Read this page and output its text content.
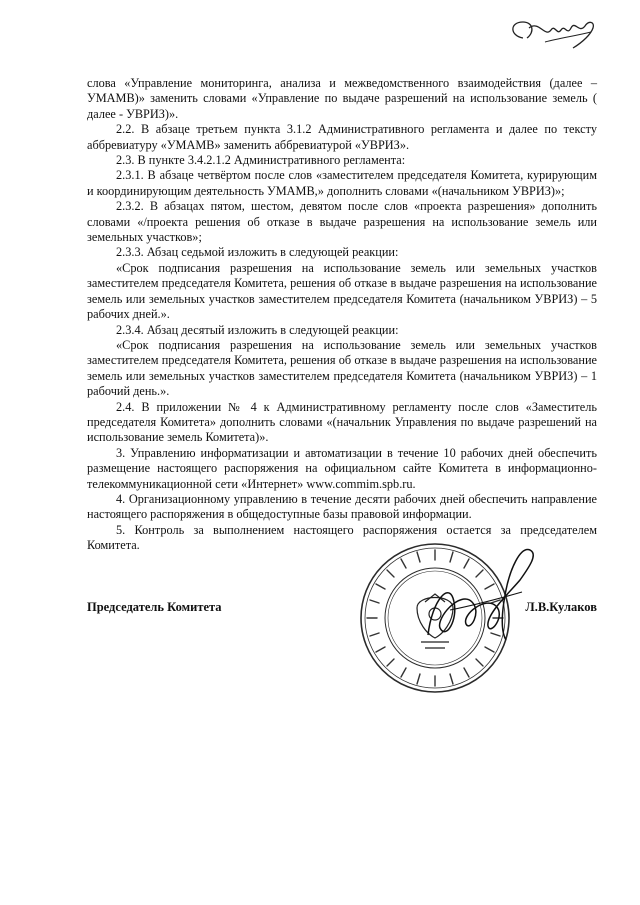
слова «Управление мониторинга, анализа и межведомственного взаимодействия (далее – УМАМВ)» заменить словами «Управление по выдаче разрешений на использование земель ( далее - УВРИЗ)».

2.2. В абзаце третьем пункта 3.1.2 Административного регламента и далее по тексту аббревиатуру «УМАМВ» заменить аббревиатурой «УВРИЗ».

2.3. В пункте 3.4.2.1.2 Административного регламента:

2.3.1. В абзаце четвёртом после слов «заместителем председателя Комитета, курирующим и координирующим деятельность УМАМВ,» дополнить словами «(начальником УВРИЗ)»;

2.3.2. В абзацах пятом, шестом, девятом после слов «проекта разрешения» дополнить словами «/проекта решения об отказе в выдаче разрешения на использование земель или земельных участков»;

2.3.3. Абзац седьмой изложить в следующей реакции:

«Срок подписания разрешения на использование земель или земельных участков заместителем председателя Комитета, решения об отказе в выдаче разрешения на использование земель или земельных участков заместителем председателя Комитета (начальником УВРИЗ) – 5 рабочих дней.».

2.3.4. Абзац десятый изложить в следующей реакции:

«Срок подписания разрешения на использование земель или земельных участков заместителем председателя Комитета, решения об отказе в выдаче разрешения на использование земель или земельных участков заместителем председателя Комитета (начальником УВРИЗ) – 1 рабочий день.».

2.4. В приложении № 4 к Административному регламенту после слов «Заместитель председателя Комитета» дополнить словами «(начальник Управления по выдаче разрешений на использование земель Комитета)».

3. Управлению информатизации и автоматизации в течение 10 рабочих дней обеспечить размещение настоящего распоряжения на официальном сайте Комитета в информационно-телекоммуникационной сети «Интернет» www.commim.spb.ru.

4. Организационному управлению в течение десяти рабочих дней обеспечить направление настоящего распоряжения в общедоступные базы правовой информации.

5. Контроль за выполнением настоящего распоряжения остается за председателем Комитета.

Председатель Комитета	Л.В.Кулаков
